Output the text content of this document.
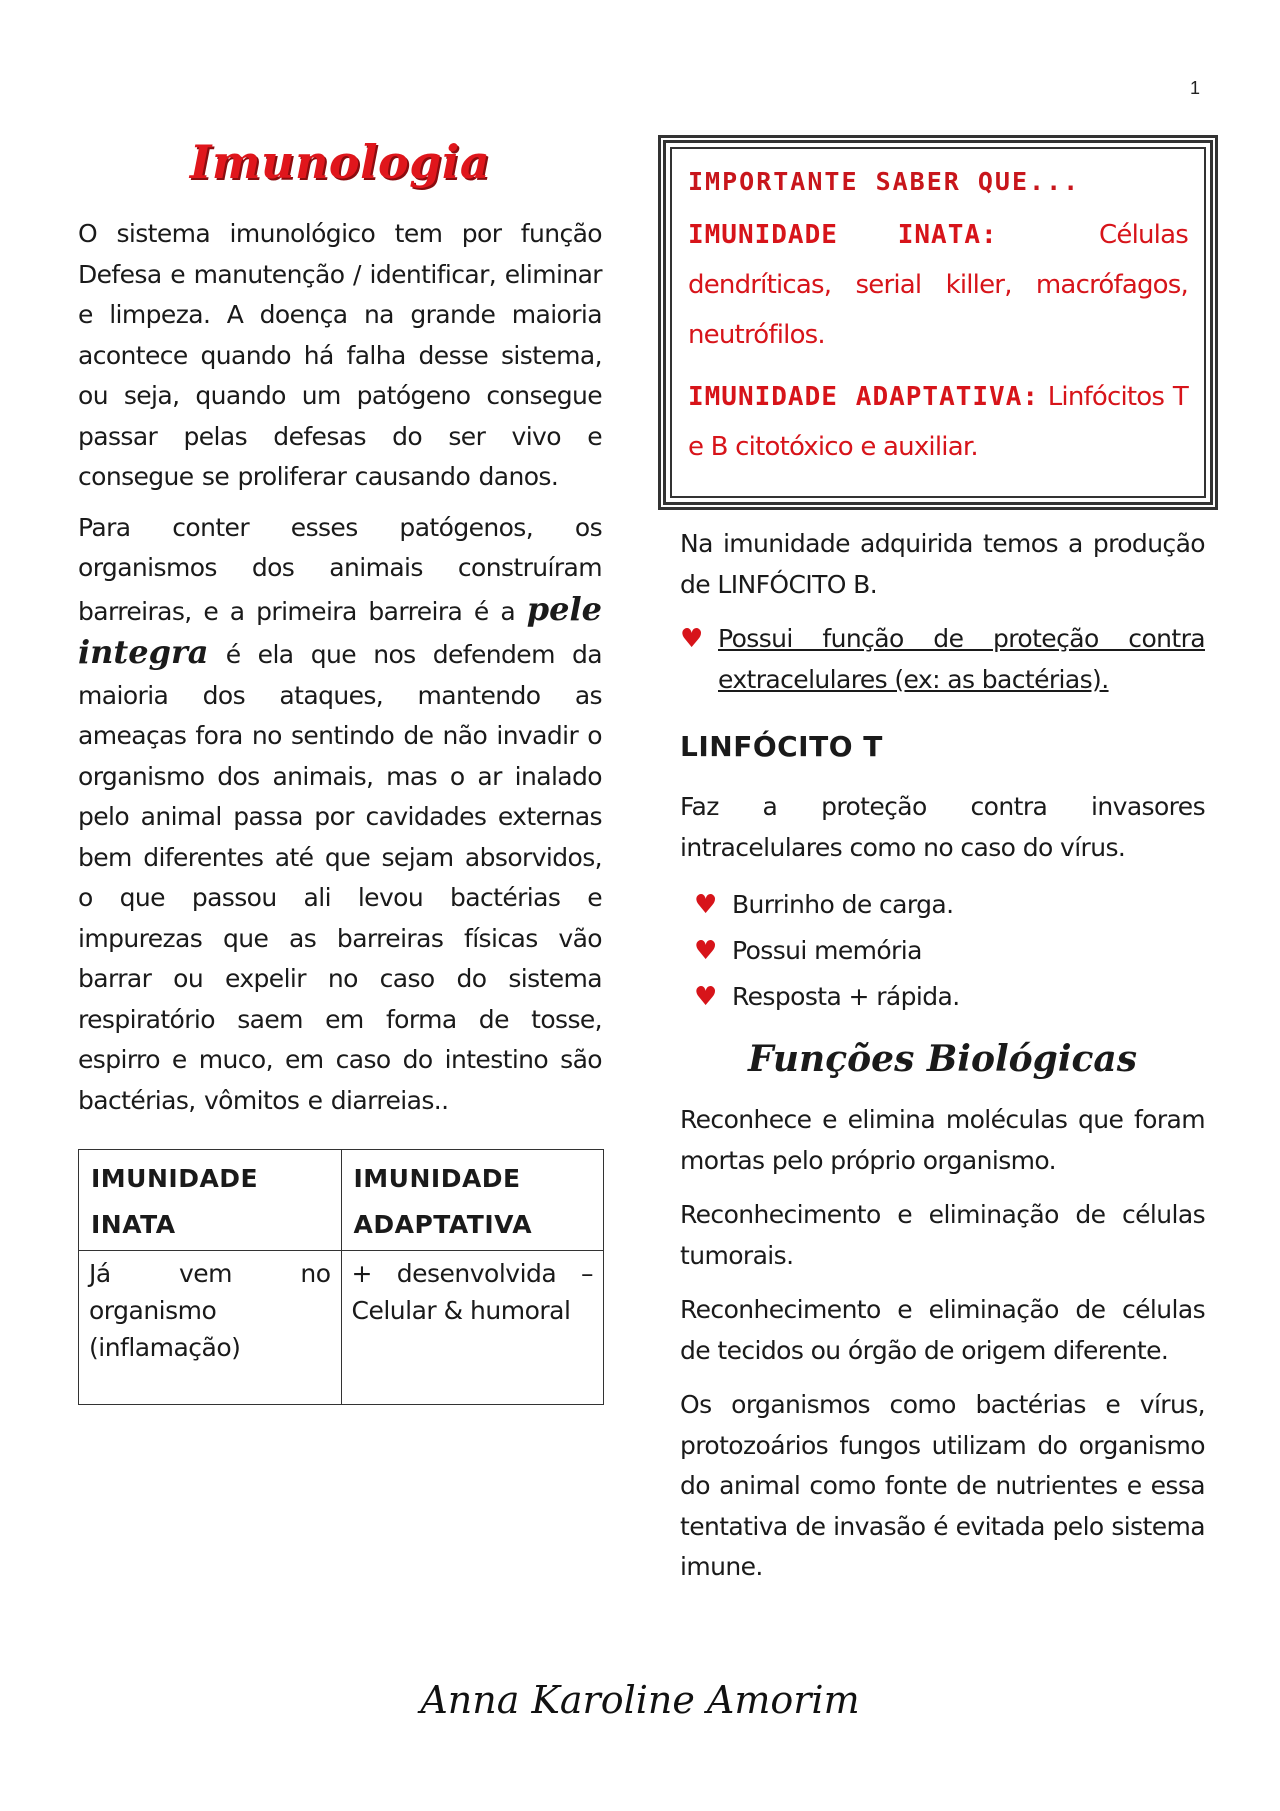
1
Imunologia

O sistema imunológico tem por função Defesa e manutenção / identificar, eliminar e limpeza. A doença na grande maioria acontece quando há falha desse sistema, ou seja, quando um patógeno consegue passar pelas defesas do ser vivo e consegue se proliferar causando danos.

Para conter esses patógenos, os organismos dos animais construíram barreiras, e a primeira barreira é a pele integra é ela que nos defendem da maioria dos ataques, mantendo as ameaças fora no sentindo de não invadir o organismo dos animais, mas o ar inalado pelo animal passa por cavidades externas bem diferentes até que sejam absorvidos, o que passou ali levou bactérias e impurezas que as barreiras físicas vão barrar ou expelir no caso do sistema respiratório saem em forma de tosse, espirro e muco, em caso do intestino são bactérias, vômitos e diarreias..

IMUNIDADE INATA	IMUNIDADE ADAPTATIVA
Já vem no organismo (inflamação)	+ desenvolvida – Celular & humoral
IMPORTANTE SABER QUE...
IMUNIDADE INATA:	Células dendríticas, serial killer, macrófagos, neutrófilos.
IMUNIDADE ADAPTATIVA: Linfócitos T e B citotóxico e auxiliar.

Na imunidade adquirida temos a produção de LINFÓCITO B.

♥ Possui função de proteção contra extracelulares (ex: as bactérias).
LINFÓCITO T

Faz a proteção contra invasores intracelulares como no caso do vírus.

♥ Burrinho de carga.
♥ Possui memória
♥ Resposta + rápida.
Funções Biológicas

Reconhece e elimina moléculas que foram mortas pelo próprio organismo.

Reconhecimento e eliminação de células tumorais.

Reconhecimento e eliminação de células de tecidos ou órgão de origem diferente.

Os organismos como bactérias e vírus, protozoários fungos utilizam do organismo do animal como fonte de nutrientes e essa tentativa de invasão é evitada pelo sistema imune.

Anna Karoline Amorim
